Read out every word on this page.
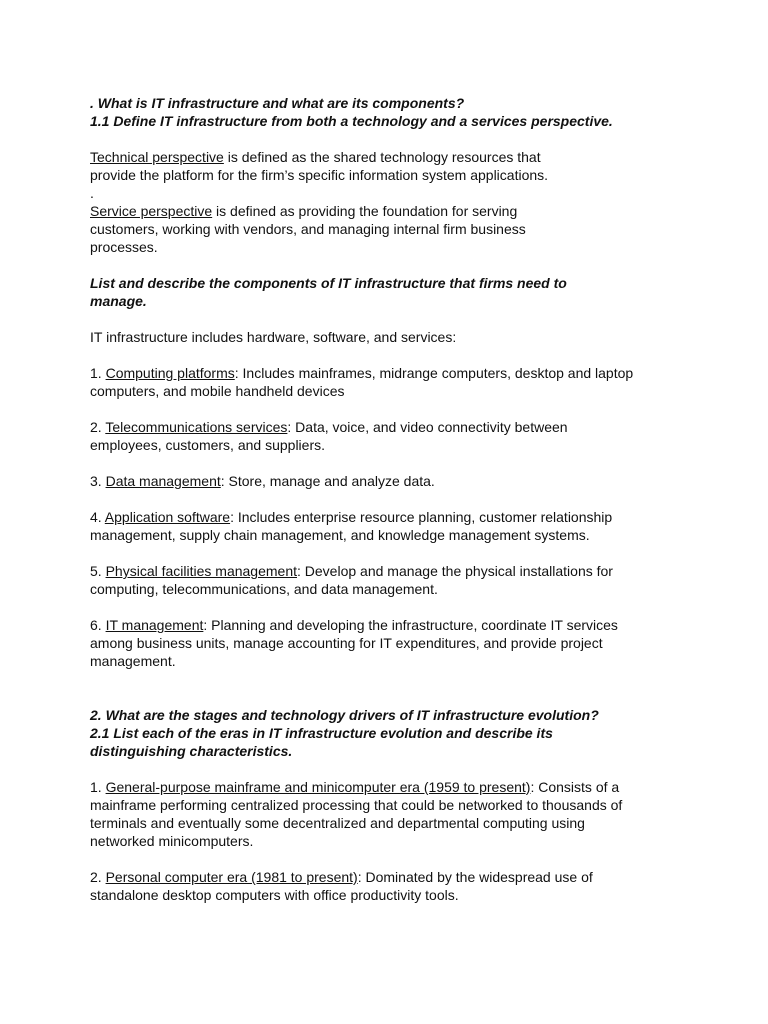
. What is IT infrastructure and what are its components?

1.1 Define IT infrastructure from both a technology and a services perspective.

Technical perspective is defined as the shared technology resources that

provide the platform for the firm’s specific information system applications.

.

Service perspective is defined as providing the foundation for serving

customers, working with vendors, and managing internal firm business

processes.

List and describe the components of IT infrastructure that firms need to

manage.

IT infrastructure includes hardware, software, and services:

1. Computing platforms: Includes mainframes, midrange computers, desktop and laptop

computers, and mobile handheld devices

2. Telecommunications services: Data, voice, and video connectivity between

employees, customers, and suppliers.

3. Data management: Store, manage and analyze data.

4. Application software: Includes enterprise resource planning, customer relationship

management, supply chain management, and knowledge management systems.

5. Physical facilities management: Develop and manage the physical installations for

computing, telecommunications, and data management.

6. IT management: Planning and developing the infrastructure, coordinate IT services

among business units, manage accounting for IT expenditures, and provide project

management.

2. What are the stages and technology drivers of IT infrastructure evolution?

2.1 List each of the eras in IT infrastructure evolution and describe its

distinguishing characteristics.

1. General-purpose mainframe and minicomputer era (1959 to present): Consists of a

mainframe performing centralized processing that could be networked to thousands of

terminals and eventually some decentralized and departmental computing using

networked minicomputers.

2. Personal computer era (1981 to present): Dominated by the widespread use of

standalone desktop computers with office productivity tools.
